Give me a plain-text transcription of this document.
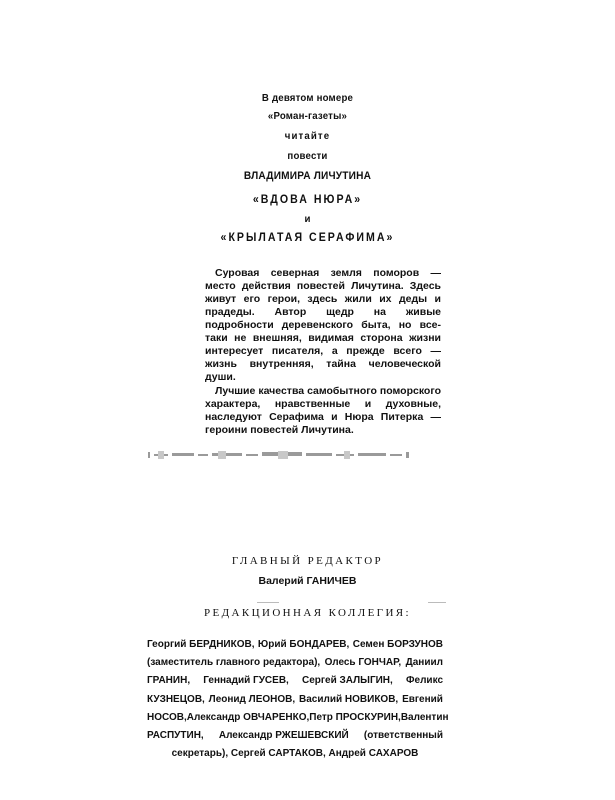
В девятом номере
«Роман-газеты»
читайте
повести
ВЛАДИМИРА ЛИЧУТИНА
«ВДОВА НЮРА»
и
«КРЫЛАТАЯ СЕРАФИМА»

Суровая северная земля поморов — место действия повестей Личутина. Здесь живут его герои, здесь жили их деды и прадеды. Автор щедр на живые подробности деревенского быта, но все-таки не внешняя, видимая сторона жизни интересует писателя, а прежде всего — жизнь внутренняя, тайна человеческой души.

Лучшие качества самобытного поморского характера, нравственные и духовные, наследуют Серафима и Нюра Питерка — героини повестей Личутина.

ГЛАВНЫЙ РЕДАКТОР
Валерий ГАНИЧЕВ
РЕДАКЦИОННАЯ КОЛЛЕГИЯ:
Георгий БЕРДНИКОВ, Юрий БОНДАРЕВ, Семен БОРЗУНОВ
(заместитель главного редактора), Олесь ГОНЧАР, Даниил
ГРАНИН, Геннадий ГУСЕВ, Сергей ЗАЛЫГИН, Феликс
КУЗНЕЦОВ, Леонид ЛЕОНОВ, Василий НОВИКОВ, Евгений
НОСОВ, Александр ОВЧАРЕНКО, Петр ПРОСКУРИН, Валентин
РАСПУТИН, Александр РЖЕШЕВСКИЙ (ответственный
секретарь),
Сергей САРТАКОВ,
Андрей САХАРОВ
